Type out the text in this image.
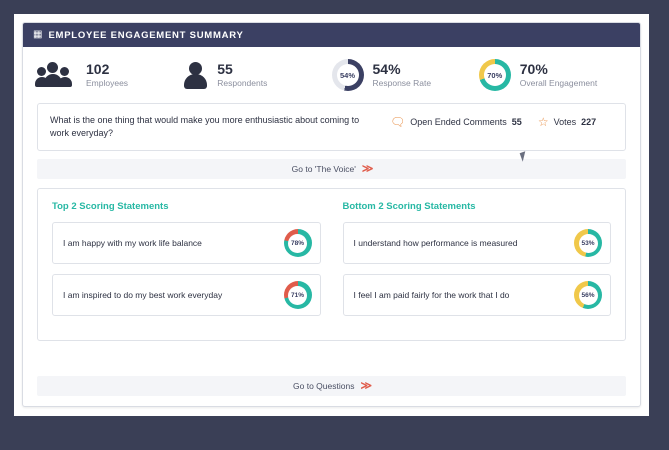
▦ EMPLOYEE ENGAGEMENT SUMMARY
102
Employees
55
Respondents
54% 54%
Response Rate
70% 70%
Overall Engagement
What is the one thing that would make you more enthusiastic about coming to work everyday?
🗨 Open Ended Comments 55 ☆ Votes 227
Go to 'The Voice' ≫
Top 2 Scoring Statements
I am happy with my work life balance	78%
I am inspired to do my best work everyday	71%
Bottom 2 Scoring Statements
I understand how performance is measured	53%
I feel I am paid fairly for the work that I do	56%
Go to Questions ≫
